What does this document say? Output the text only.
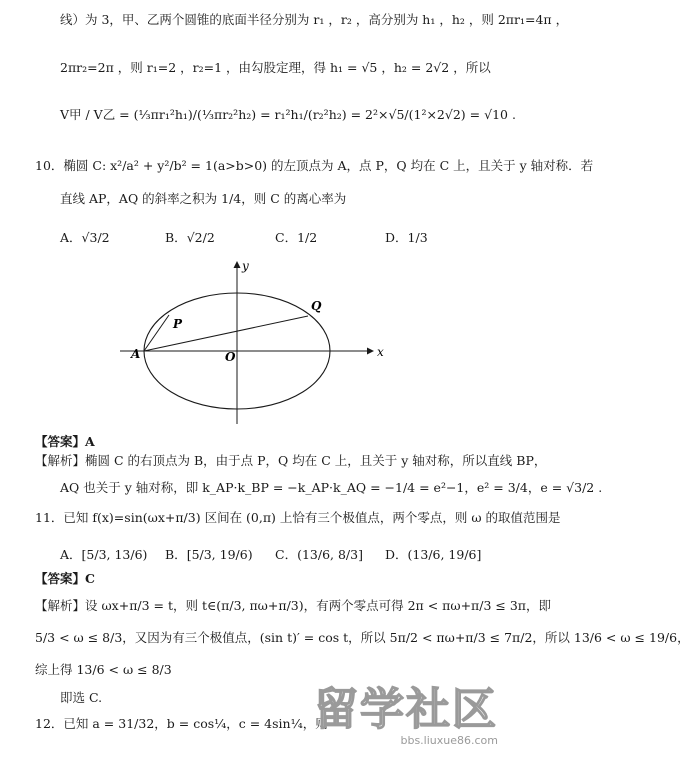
线）为 3，甲、乙两个圆锥的底面半径分别为 r₁ ，r₂ ，高分别为 h₁ ，h₂ ，则 2πr₁=4π ，
2πr₂=2π ，则 r₁=2 ，r₂=1 ，由勾股定理，得 h₁ = √5 ，h₂ = 2√2 ，所以
V甲 / V乙 = (⅓πr₁²h₁)/(⅓πr₂²h₂) = r₁²h₁/(r₂²h₂) = 2²×√5/(1²×2√2) = √10 .
10．椭圆 C: x²/a² + y²/b² = 1(a>b>0) 的左顶点为 A，点 P，Q 均在 C 上，且关于 y 轴对称．若
直线 AP，AQ 的斜率之积为 1/4，则 C 的离心率为
A．√3/2	B．√2/2	C．1/2	D．1/3
y
x
P
Q
A	O
【答案】A
【解析】椭圆 C 的右顶点为 B，由于点 P，Q 均在 C 上，且关于 y 轴对称，所以直线 BP，
AQ 也关于 y 轴对称，即 k_AP·k_BP = −k_AP·k_AQ = −1/4 = e²−1，e² = 3/4，e = √3/2 .
11．已知 f(x)=sin(ωx+π/3) 区间在 (0,π) 上恰有三个极值点，两个零点，则 ω 的取值范围是
A．[5/3, 13/6) B．[5/3, 19/6) C．(13/6, 8/3] D．(13/6, 19/6]
【答案】C
【解析】设 ωx+π/3 = t，则 t∈(π/3, πω+π/3)，有两个零点可得 2π < πω+π/3 ≤ 3π，即
5/3 < ω ≤ 8/3，又因为有三个极值点，(sin t)′ = cos t，所以 5π/2 < πω+π/3 ≤ 7π/2，所以 13/6 < ω ≤ 19/6，
综上得 13/6 < ω ≤ 8/3
即选 C.
12．已知 a = 31/32，b = cos¼，c = 4sin¼，则
留学社区
bbs.liuxue86.com
